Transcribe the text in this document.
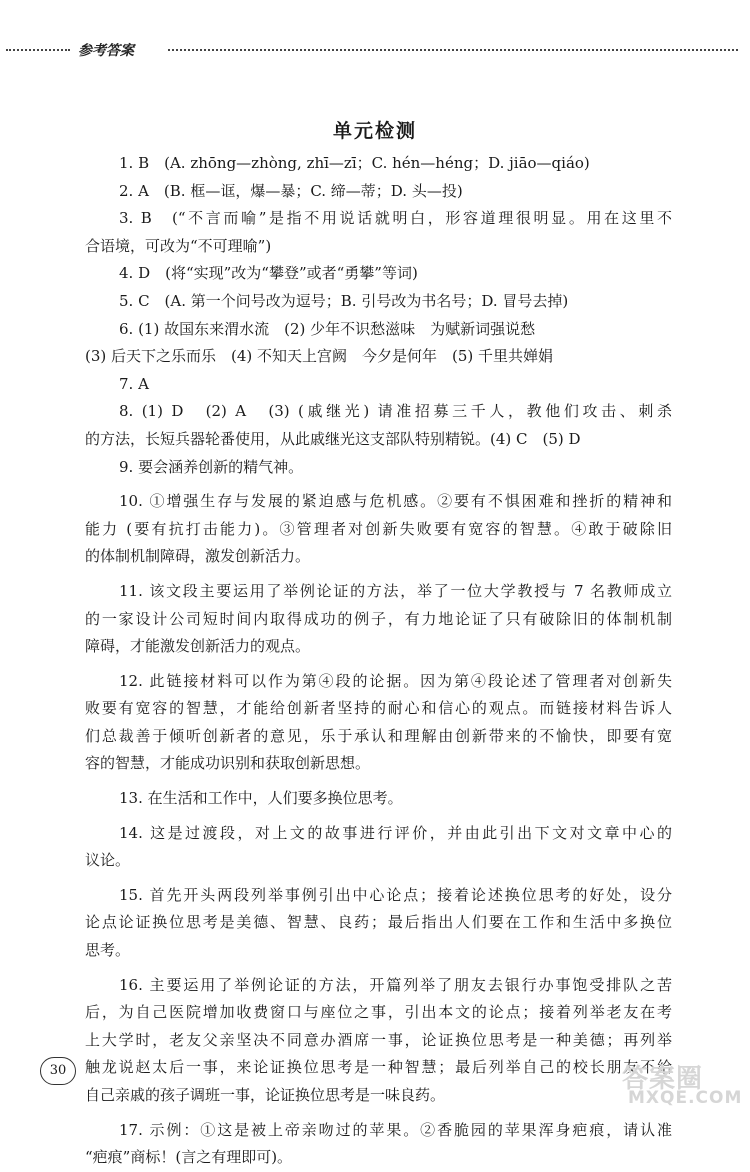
参考答案
单元检测
1. B　(A. zhōng—zhòng, zhī—zī；C. hén—héng；D. jiāo—qiáo)
2. A　(B. 框—诓，爆—暴；C. 缔—蒂；D. 头—投)
3. B　(“不言而喻”是指不用说话就明白，形容道理很明显。用在这里不
合语境，可改为“不可理喻”)
4. D　(将“实现”改为“攀登”或者“勇攀”等词)
5. C　(A. 第一个问号改为逗号；B. 引号改为书名号；D. 冒号去掉)
6. (1) 故国东来渭水流　(2) 少年不识愁滋味　为赋新词强说愁
(3) 后天下之乐而乐　(4) 不知天上宫阙　今夕是何年　(5) 千里共婵娟
7. A
8. (1) D　(2) A　(3) (戚继光) 请准招募三千人，教他们攻击、刺杀
的方法，长短兵器轮番使用，从此戚继光这支部队特别精锐。(4) C　(5) D
9. 要会涵养创新的精气神。
10. ①增强生存与发展的紧迫感与危机感。②要有不惧困难和挫折的精神和
能力 (要有抗打击能力)。③管理者对创新失败要有宽容的智慧。④敢于破除旧
的体制机制障碍，激发创新活力。
11. 该文段主要运用了举例论证的方法，举了一位大学教授与 7 名教师成立
的一家设计公司短时间内取得成功的例子，有力地论证了只有破除旧的体制机制
障碍，才能激发创新活力的观点。
12. 此链接材料可以作为第④段的论据。因为第④段论述了管理者对创新失
败要有宽容的智慧，才能给创新者坚持的耐心和信心的观点。而链接材料告诉人
们总裁善于倾听创新者的意见，乐于承认和理解由创新带来的不愉快，即要有宽
容的智慧，才能成功识别和获取创新思想。
13. 在生活和工作中，人们要多换位思考。
14. 这是过渡段，对上文的故事进行评价，并由此引出下文对文章中心的
议论。
15. 首先开头两段列举事例引出中心论点；接着论述换位思考的好处，设分
论点论证换位思考是美德、智慧、良药；最后指出人们要在工作和生活中多换位
思考。
16. 主要运用了举例论证的方法，开篇列举了朋友去银行办事饱受排队之苦
后，为自己医院增加收费窗口与座位之事，引出本文的论点；接着列举老友在考
上大学时，老友父亲坚决不同意办酒席一事，论证换位思考是一种美德；再列举
触龙说赵太后一事，来论证换位思考是一种智慧；最后列举自己的校长朋友不给
自己亲戚的孩子调班一事，论证换位思考是一味良药。
17. 示例：①这是被上帝亲吻过的苹果。②香脆园的苹果浑身疤痕，请认准
“疤痕”商标！(言之有理即可)。
30	答案圈
MXQE.COM
